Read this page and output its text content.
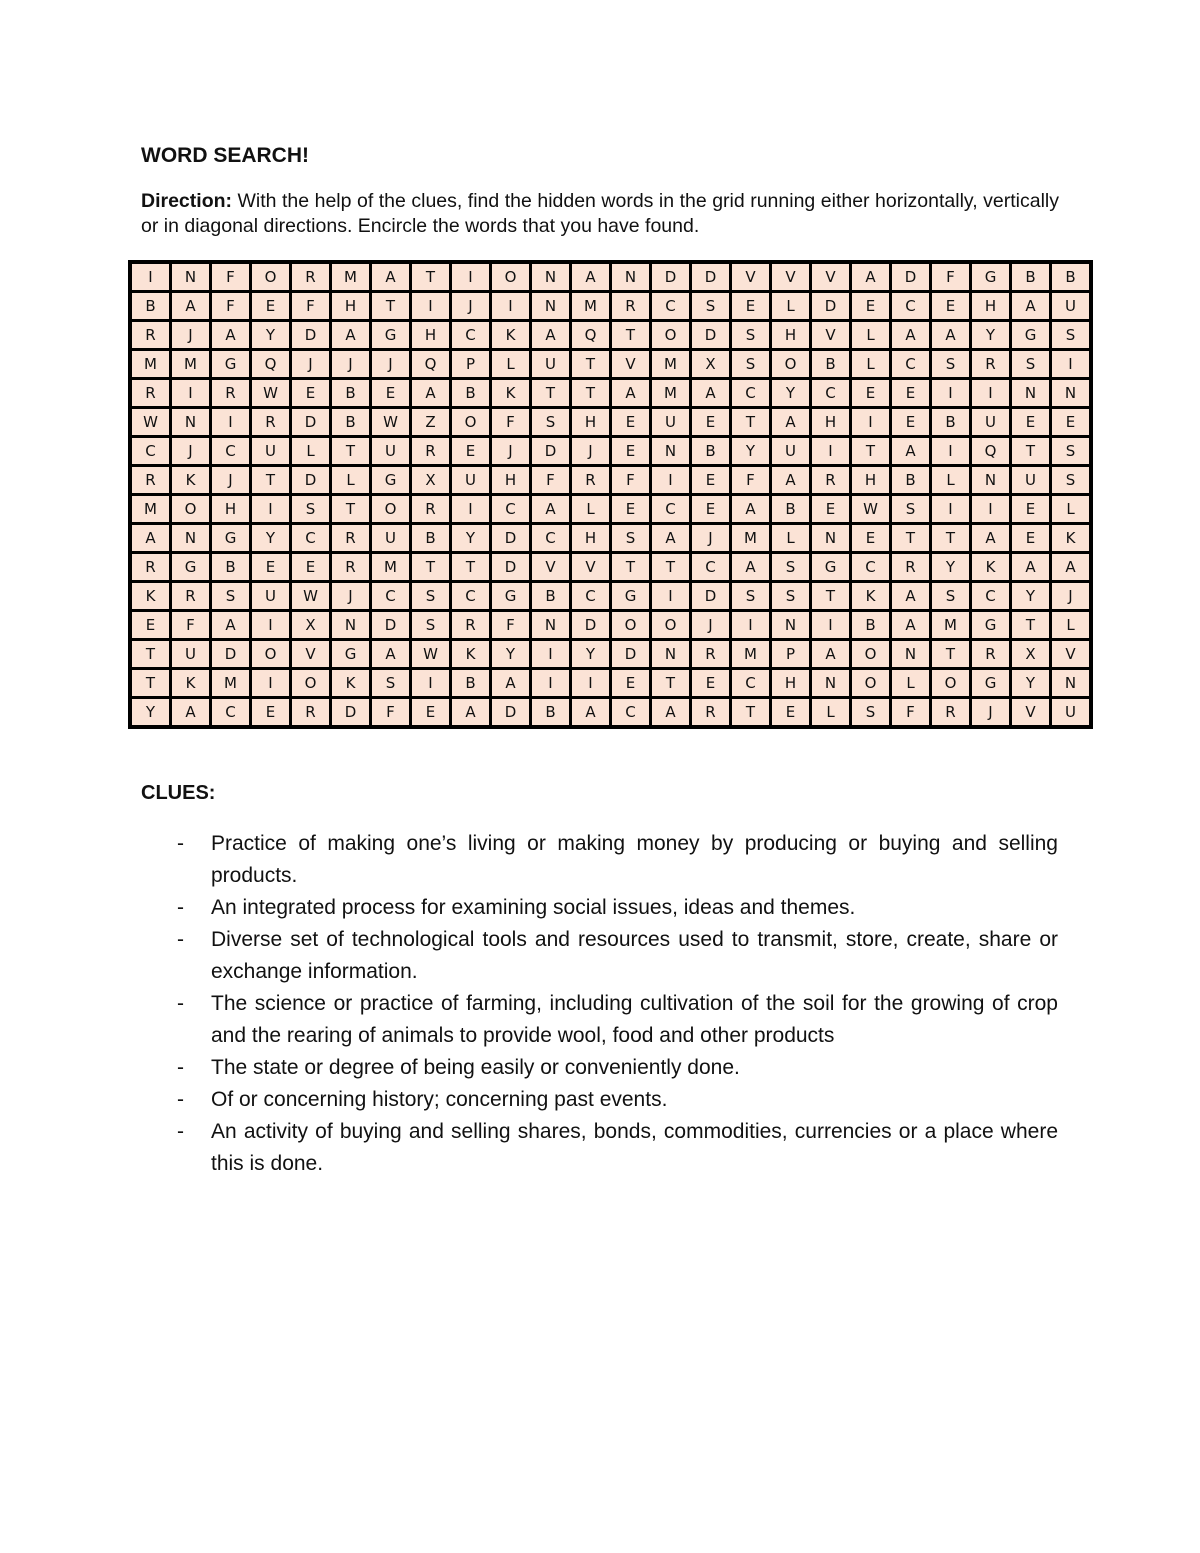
WORD SEARCH!

Direction: With the help of the clues, find the hidden words in the grid running either horizontally, vertically or in diagonal directions. Encircle the words that you have found.

I	N	F	O	R	M	A	T	I	O	N	A	N	D	D	V	V	V	A	D	F	G	B	B
B	A	F	E	F	H	T	I	J	I	N	M	R	C	S	E	L	D	E	C	E	H	A	U
R	J	A	Y	D	A	G	H	C	K	A	Q	T	O	D	S	H	V	L	A	A	Y	G	S
M	M	G	Q	J	J	J	Q	P	L	U	T	V	M	X	S	O	B	L	C	S	R	S	I
R	I	R	W	E	B	E	A	B	K	T	T	A	M	A	C	Y	C	E	E	I	I	N	N
W	N	I	R	D	B	W	Z	O	F	S	H	E	U	E	T	A	H	I	E	B	U	E	E
C	J	C	U	L	T	U	R	E	J	D	J	E	N	B	Y	U	I	T	A	I	Q	T	S
R	K	J	T	D	L	G	X	U	H	F	R	F	I	E	F	A	R	H	B	L	N	U	S
M	O	H	I	S	T	O	R	I	C	A	L	E	C	E	A	B	E	W	S	I	I	E	L
A	N	G	Y	C	R	U	B	Y	D	C	H	S	A	J	M	L	N	E	T	T	A	E	K
R	G	B	E	E	R	M	T	T	D	V	V	T	T	C	A	S	G	C	R	Y	K	A	A
K	R	S	U	W	J	C	S	C	G	B	C	G	I	D	S	S	T	K	A	S	C	Y	J
E	F	A	I	X	N	D	S	R	F	N	D	O	O	J	I	N	I	B	A	M	G	T	L
T	U	D	O	V	G	A	W	K	Y	I	Y	D	N	R	M	P	A	O	N	T	R	X	V
T	K	M	I	O	K	S	I	B	A	I	I	E	T	E	C	H	N	O	L	O	G	Y	N
Y	A	C	E	R	D	F	E	A	D	B	A	C	A	R	T	E	L	S	F	R	J	V	U
CLUES:
- Practice of making one’s living or making money by producing or buying and selling products.
- An integrated process for examining social issues, ideas and themes.
- Diverse set of technological tools and resources used to transmit, store, create, share or exchange information.
- The science or practice of farming, including cultivation of the soil for the growing of crop and the rearing of animals to provide wool, food and other products
- The state or degree of being easily or conveniently done.
- Of or concerning history; concerning past events.
- An activity of buying and selling shares, bonds, commodities, currencies or a place where this is done.
